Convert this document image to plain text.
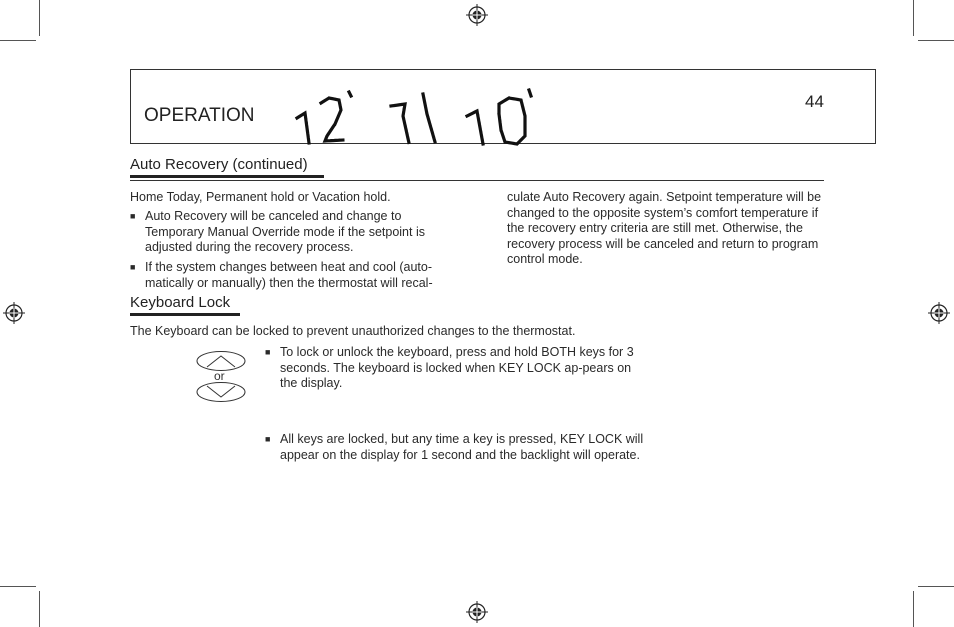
OPERATION
44
Auto Recovery (continued)
Home Today, Permanent hold or Vacation hold.
■ Auto Recovery will be canceled and change to Temporary Manual Override mode if the setpoint is adjusted during the recovery process.
■ If the system changes between heat and cool (auto-matically or manually) then the thermostat will recal-
culate Auto Recovery again. Setpoint temperature will be changed to the opposite system’s comfort temperature if the recovery entry criteria are still met. Otherwise, the recovery process will be canceled and return to program control mode.
Keyboard Lock
The Keyboard can be locked to prevent unauthorized changes to the thermostat.
or
■ To lock or unlock the keyboard, press and hold BOTH keys for 3 seconds. The keyboard is locked when KEY LOCK ap-pears on the display.
■ All keys are locked, but any time a key is pressed, KEY LOCK will appear on the display for 1 second and the backlight will operate.
